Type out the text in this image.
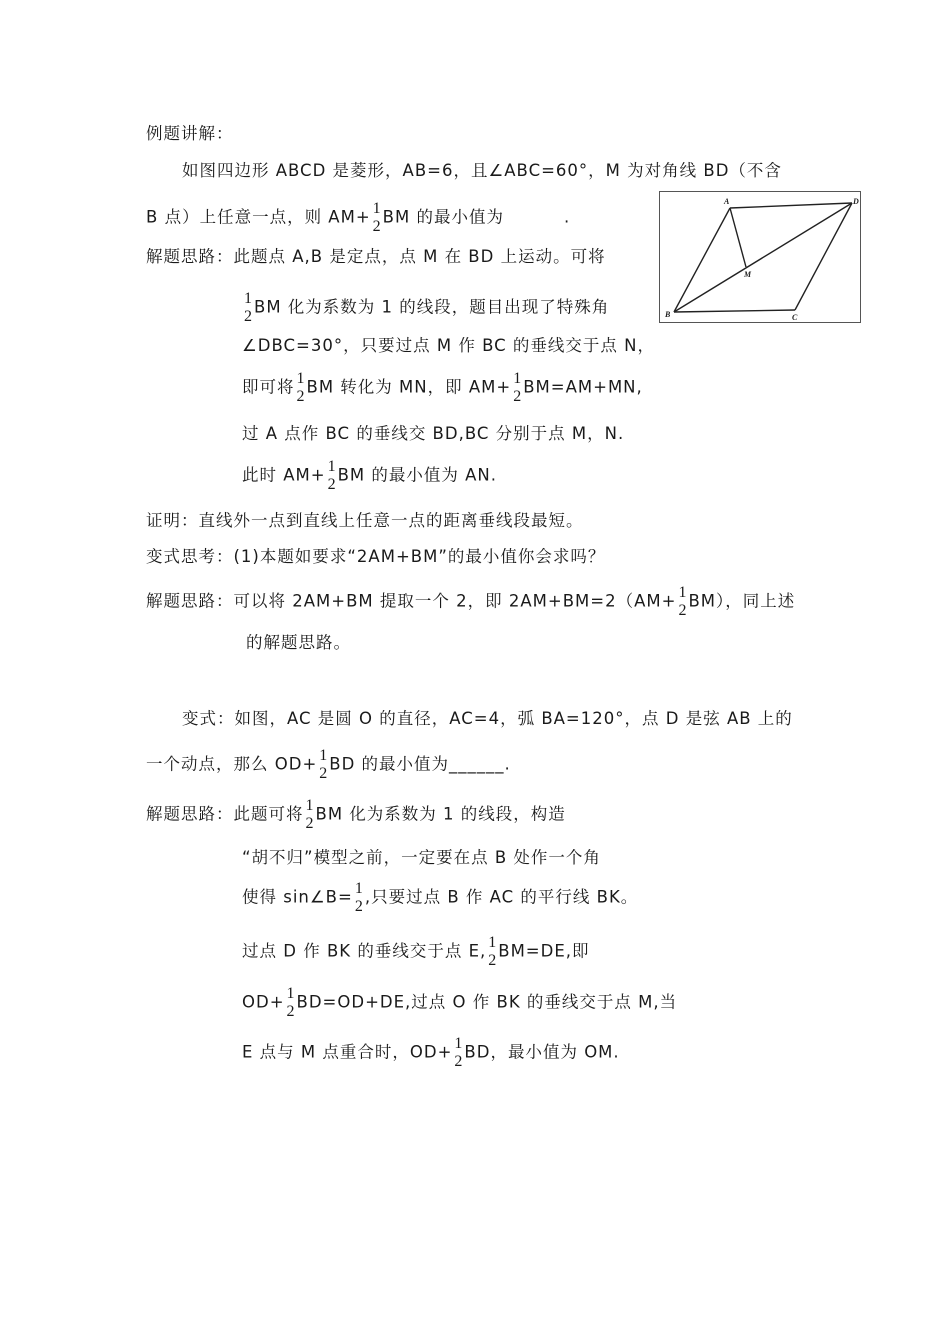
例题讲解：
如图四边形 ABCD 是菱形，AB=6，且∠ABC=60°，M 为对角线 BD（不含
B 点）上任意一点，则 AM+ 1
2 BM 的最小值为	.
解题思路：此题点 A,B 是定点，点 M 在 BD 上运动。可将
1
2 BM 化为系数为 1 的线段，题目出现了特殊角
∠DBC=30°，只要过点 M 作 BC 的垂线交于点 N，
即可将 1
2 BM 转化为 MN，即 AM+ 1
2 BM=AM+MN,
过 A 点作 BC 的垂线交 BD,BC 分别于点 M，N.
此时 AM+ 1
2 BM 的最小值为 AN.
证明：直线外一点到直线上任意一点的距离垂线段最短。
变式思考：(1)本题如要求“2AM+BM”的最小值你会求吗？
解题思路：可以将 2AM+BM 提取一个 2，即 2AM+BM=2（AM+ 1
2 BM），同上述
的解题思路。
A	D
M
B	C
变式：如图，AC 是圆 O 的直径，AC=4，弧 BA=120°，点 D 是弦 AB 上的
一个动点，那么 OD+ 1
2 BD 的最小值为______.
解题思路：此题可将 1
2 BM 化为系数为 1 的线段，构造
“胡不归”模型之前，一定要在点 B 处作一个角
使得 sin∠B= 1
2 ,只要过点 B 作 AC 的平行线 BK。
过点 D 作 BK 的垂线交于点 E, 1
2 BM=DE,即
OD+ 1
2 BD=OD+DE,过点 O 作 BK 的垂线交于点 M,当
E 点与 M 点重合时，OD+ 1
2 BD，最小值为 OM.
